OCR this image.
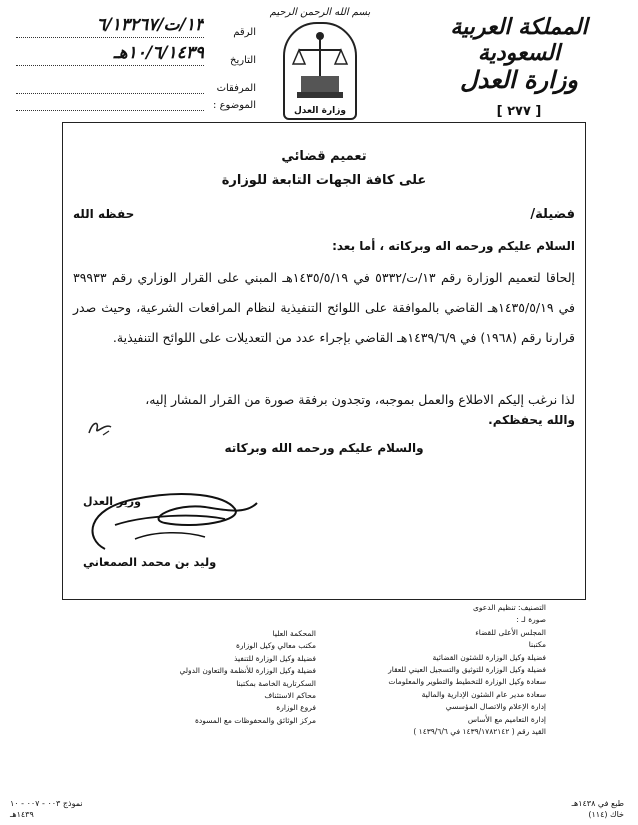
المملكة العربية السعودية
وزارة العدل
[ ٢٧٧ ]
بسم الله الرحمن الرحيم
وزارة العدل
الرقم
١٣/ت/٦/١٣٢٦٧
التاريخ
١٠/٦/١٤٣٩هـ
المرفقات
الموضوع :
تعميم قضائي
على كافة الجهات التابعة للوزارة
فضيلة/
حفظه الله
السلام عليكم ورحمه اله وبركاته ، أما بعد:
إلحاقا لتعميم الوزارة رقم ١٣/ت/٥٣٣٢ في ١٤٣٥/٥/١٩هـ المبني على القرار الوزاري رقم ٣٩٩٣٣ في ١٤٣٥/٥/١٩هـ القاضي بالموافقة على اللوائح التنفيذية لنظام المرافعات الشرعية، وحيث صدر قرارنا رقم (١٩٦٨) في ١٤٣٩/٦/٩هـ القاضي بإجراء عدد من التعديلات على اللوائح التنفيذية.
لذا نرغب إليكم الاطلاع والعمل بموجبه، وتجدون برفقة صورة من القرار المشار إليه،
والله يحفظكم.
والسلام عليكم ورحمه الله وبركاته
وزير العدل
وليد بن محمد الصمعاني
التصنيف: تنظيم الدعوى
صورة لـ :
المجلس الأعلى للقضاء
مكتبنا
فضيلة وكيل الوزارة للشئون القضائية
فضيلة وكيل الوزارة للتوثيق والتسجيل العيني للعقار
سعادة وكيل الوزارة للتخطيط والتطوير والمعلومات
سعادة مدير عام الشئون الإدارية والمالية
إدارة الإعلام والاتصال المؤسسي
إدارة التعاميم مع الأساس
القيد رقم ( ١٤٣٩/١٧٨٢١٤٢ في ١٤٣٩/٦/٦ )
المحكمة العليا
مكتب معالي وكيل الوزارة
فضيلة وكيل الوزارة للتنفيذ
فضيلة وكيل الوزارة للأنظمة والتعاون الدولي
السكرتارية الخاصة بمكتبنا
محاكم الاستئناف
فروع الوزارة
مركز الوثائق والمحفوظات مع المسودة
طبع في ١٤٣٨هـ
خاك (١١٤)
نموذج ٠٠٣ - ٠٠٧ - ١٠
١٤٣٩هـ
